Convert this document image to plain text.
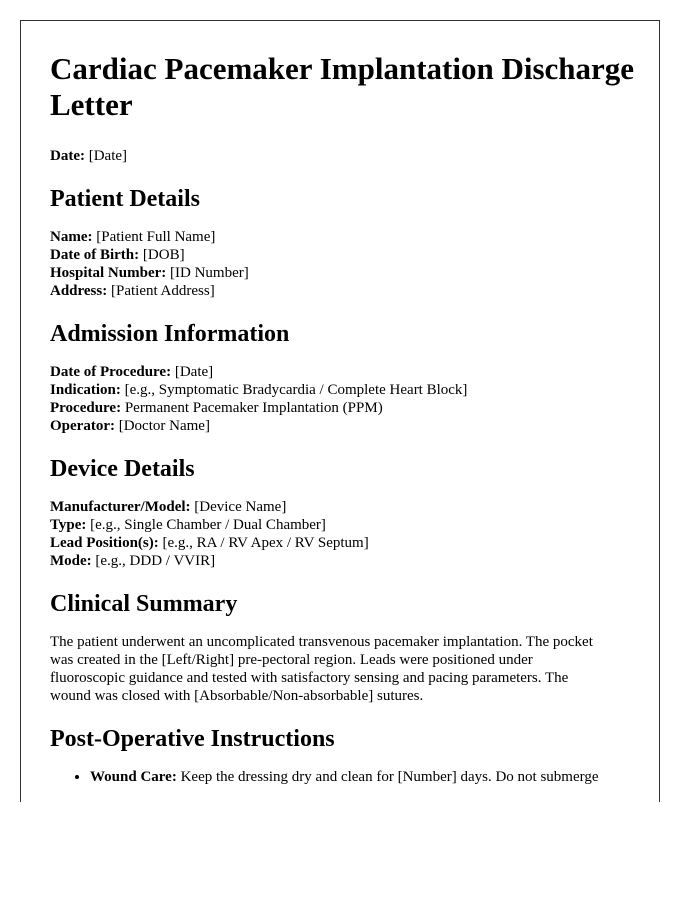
Cardiac Pacemaker Implantation Discharge Letter

Date: [Date]

Patient Details

Name: [Patient Full Name]

Date of Birth: [DOB]

Hospital Number: [ID Number]

Address: [Patient Address]

Admission Information

Date of Procedure: [Date]

Indication: [e.g., Symptomatic Bradycardia / Complete Heart Block]

Procedure: Permanent Pacemaker Implantation (PPM)

Operator: [Doctor Name]

Device Details

Manufacturer/Model: [Device Name]

Type: [e.g., Single Chamber / Dual Chamber]

Lead Position(s): [e.g., RA / RV Apex / RV Septum]

Mode: [e.g., DDD / VVIR]

Clinical Summary

The patient underwent an uncomplicated transvenous pacemaker implantation. The pocket

was created in the [Left/Right] pre-pectoral region. Leads were positioned under

fluoroscopic guidance and tested with satisfactory sensing and pacing parameters. The

wound was closed with [Absorbable/Non-absorbable] sutures.

Post-Operative Instructions
• Wound Care: Keep the dressing dry and clean for [Number] days. Do not submerge
